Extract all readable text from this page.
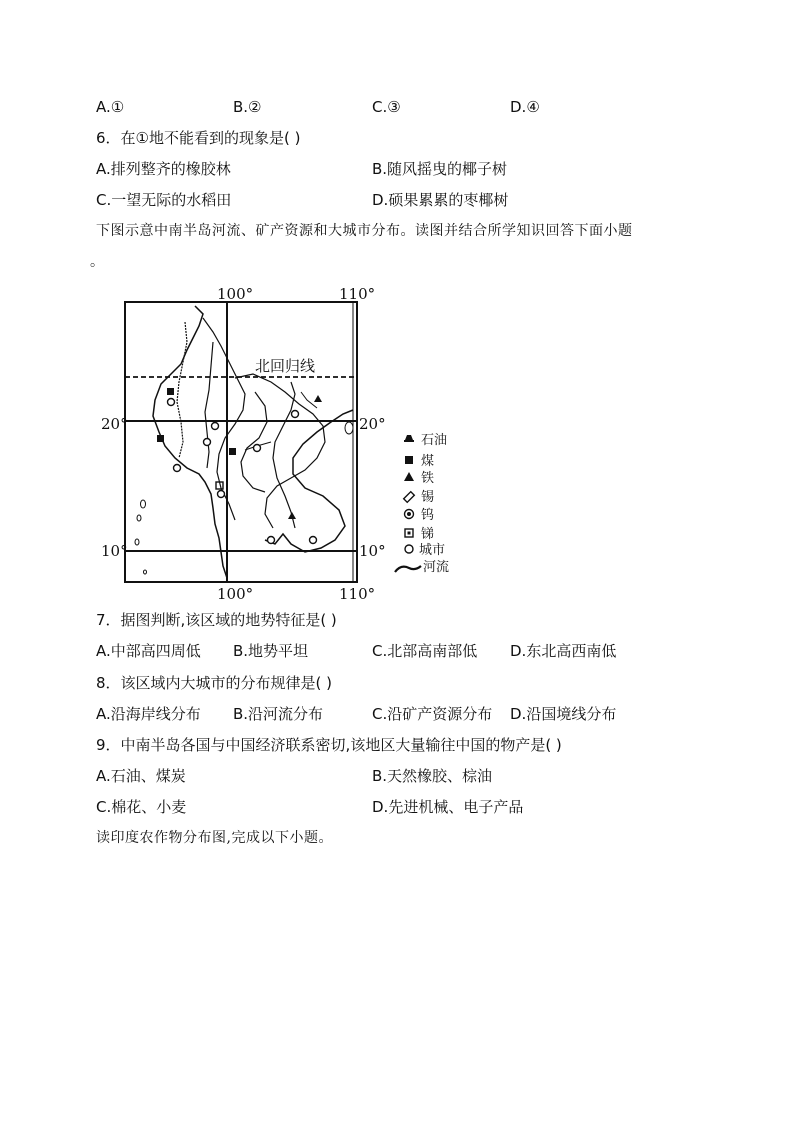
A.①	B.②	C.③	D.④
6．在①地不能看到的现象是( )
A.排列整齐的橡胶林	B.随风摇曳的椰子树
C.一望无际的水稻田	D.硕果累累的枣椰树
下图示意中南半岛河流、矿产资源和大城市分布。读图并结合所学知识回答下面小题
。
100°	110°
100°	110°
20°	20°
10°	10°
北回归线
石油
煤
铁
锡
钨
锑
城市
河流
7．据图判断,该区域的地势特征是( )
A.中部高四周低 B.地势平坦	C.北部高南部低 D.东北高西南低
8．该区域内大城市的分布规律是( )
A.沿海岸线分布 B.沿河流分布	C.沿矿产资源分布 D.沿国境线分布
9．中南半岛各国与中国经济联系密切,该地区大量输往中国的物产是( )
A.石油、煤炭	B.天然橡胶、棕油
C.棉花、小麦	D.先进机械、电子产品
读印度农作物分布图,完成以下小题。
